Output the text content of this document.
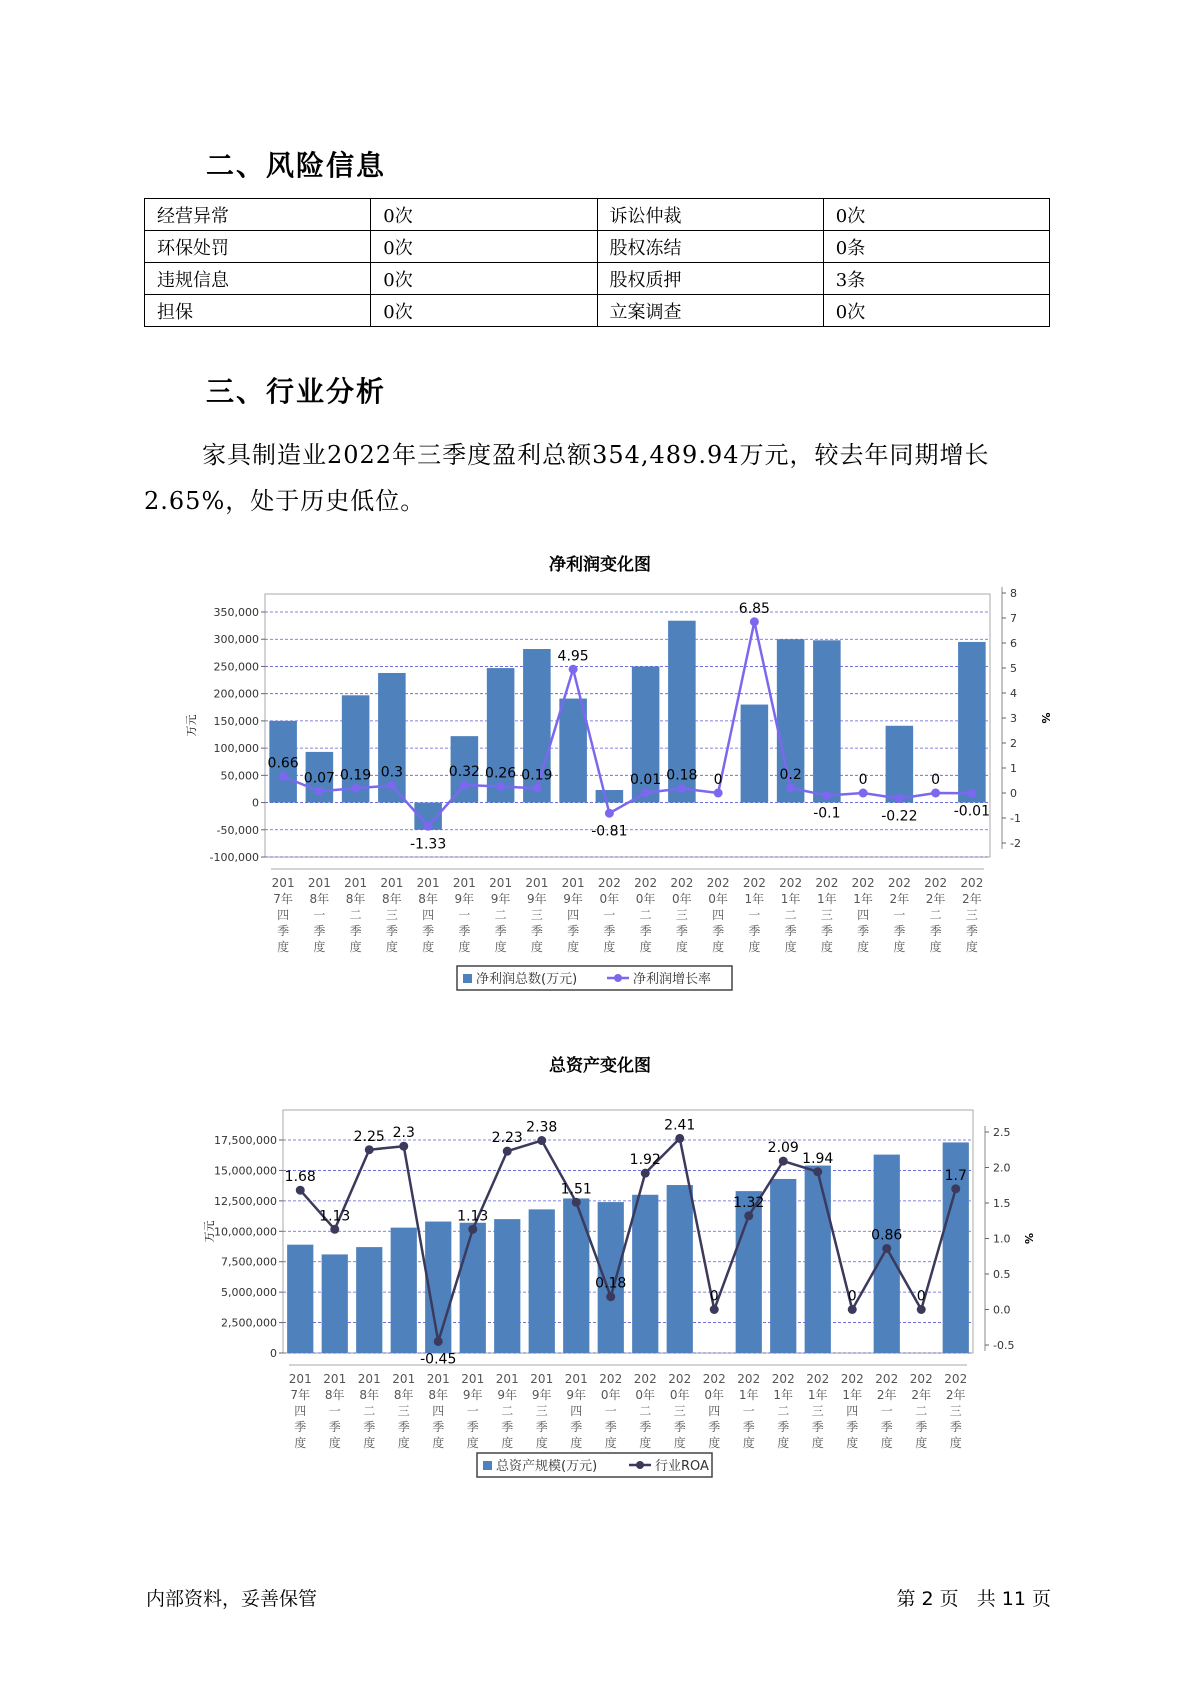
二、风险信息
经营异常	0次	诉讼仲裁	0次
环保处罚	0次	股权冻结	0条
违规信息	0次	股权质押	3条
担保	0次	立案调查	0次
三、行业分析
家具制造业2022年三季度盈利总额354,489.94万元，较去年同期增长2.65%，处于历史低位。
净利润变化图
350,000
300,000
250,000
200,000
150,000
100,000
50,000
0
-50,000
-100,000
万元
8
7
6
5
4
3
2
1
0
-1
-2
%
0.66
0.07 0.19 0.3
-1.33
0.32 0.26 0.19
4.95
-0.81
0.01 0.18 0
6.85
0.2
-0.1
0
-0.22
0
-0.01
201 7年四季度
201 8年一季度
201 8年二季度
201 8年三季度
201 8年四季度
201 9年一季度
201 9年二季度
201 9年三季度
201 9年四季度
202 0年一季度
202 0年二季度
202 0年三季度
202 0年四季度
202 1年一季度
202 1年二季度
202 1年三季度
202 1年四季度
202 2年一季度
202 2年二季度
202 2年三季度
净利润总数(万元)	净利润增长率
总资产变化图
17,500,000
15,000,000
12,500,000
10,000,000
7,500,000
5,000,000
2,500,000
0
万元
2.5
2.0
1.5
1.0
0.5
0.0
-0.5
%
1.68
1.13
2.25 2.3
-0.45
1.13
2.23
2.38
1.51
0.18
1.92
2.41
0
1.32
2.09
1.94
0
0.86
0
1.7
201 7年四季度
201 8年一季度
201 8年二季度
201 8年三季度
201 8年四季度
201 9年一季度
201 9年二季度
201 9年三季度
201 9年四季度
202 0年一季度
202 0年二季度
202 0年三季度
202 0年四季度
202 1年一季度
202 1年二季度
202 1年三季度
202 1年四季度
202 2年一季度
202 2年二季度
202 2年三季度
总资产规模(万元)	行业ROA
内部资料，妥善保管	第 2 页   共 11 页
